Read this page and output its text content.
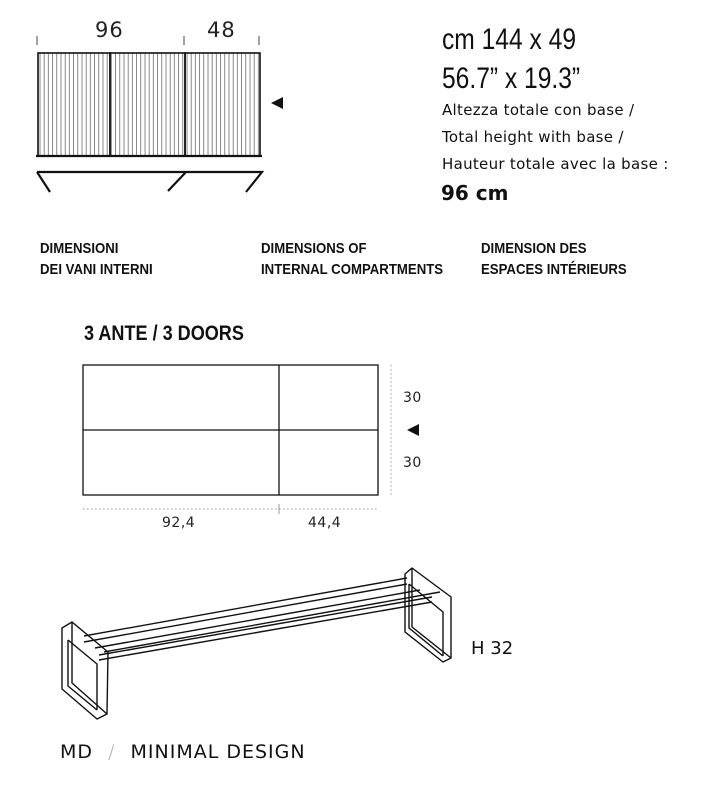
96	48	cm 144 x 49
56.7” x 19.3”
Altezza totale con base /
Total height with base /
Hauteur totale avec la base :
96 cm
DIMENSIONI
DEI VANI INTERNI
DIMENSIONS OF
INTERNAL COMPARTMENTS
DIMENSION DES
ESPACES INTÉRIEURS
3 ANTE / 3 DOORS
30
30
92,4	44,4
H 32
MD / MINIMAL DESIGN
